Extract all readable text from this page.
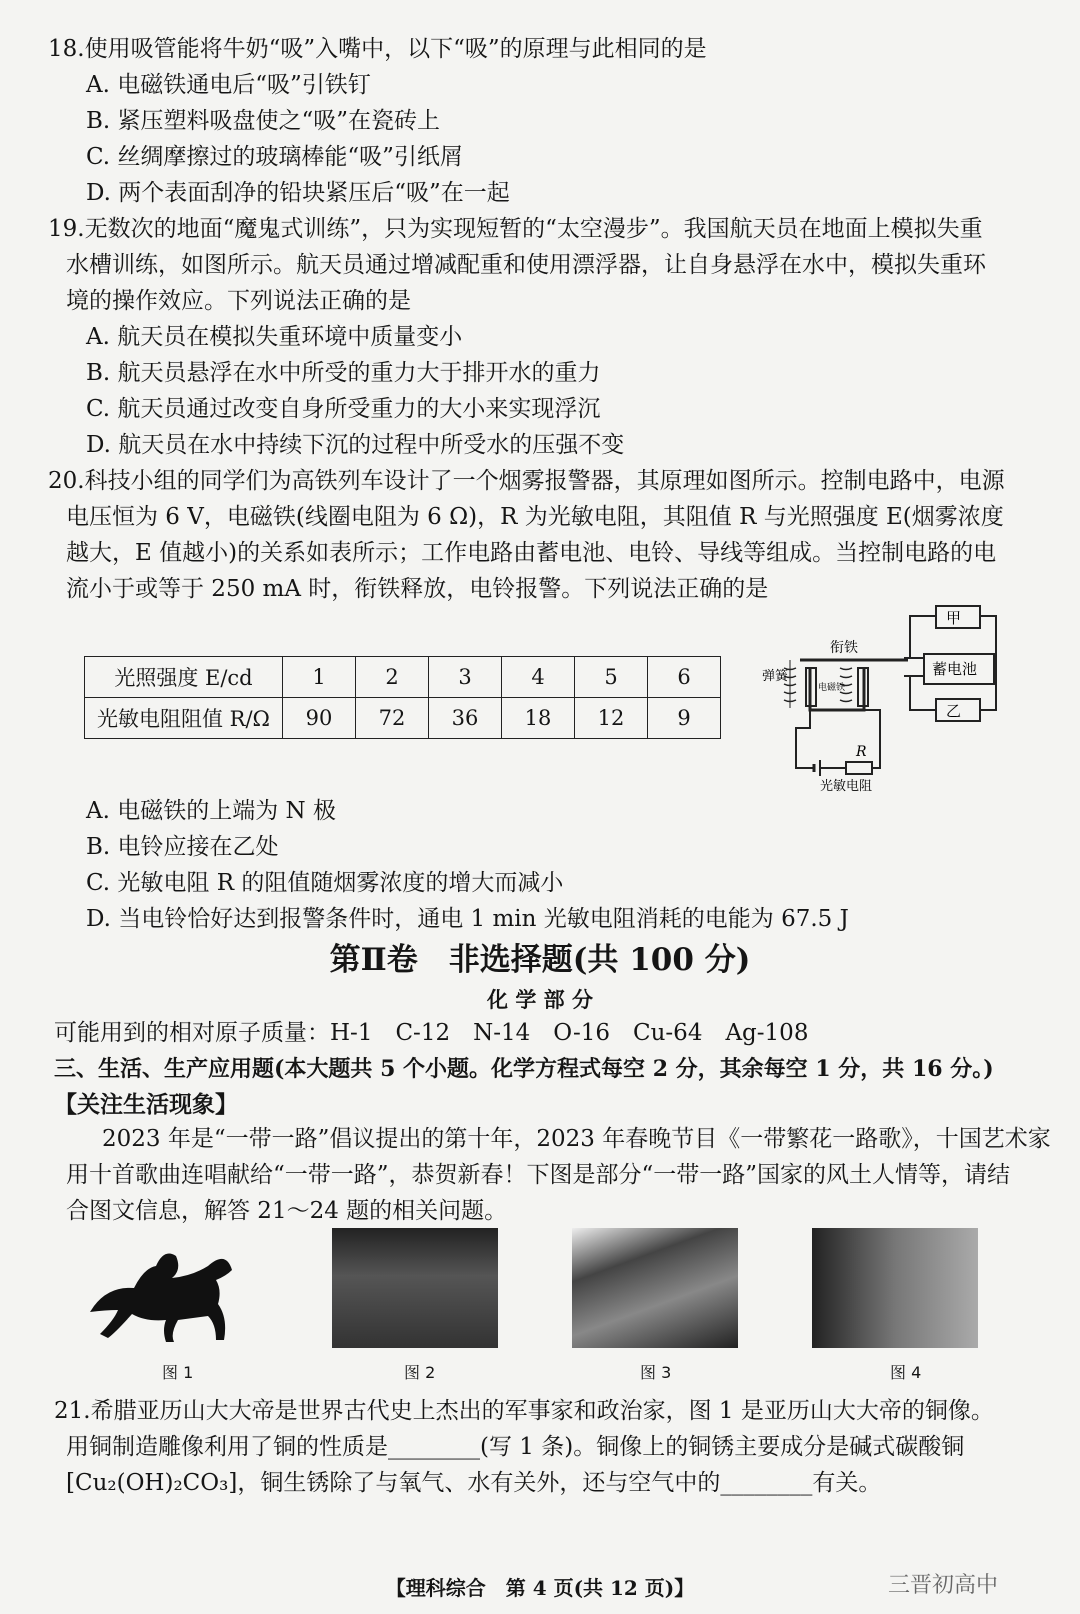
18.使用吸管能将牛奶“吸”入嘴中，以下“吸”的原理与此相同的是
A. 电磁铁通电后“吸”引铁钉
B. 紧压塑料吸盘使之“吸”在瓷砖上
C. 丝绸摩擦过的玻璃棒能“吸”引纸屑
D. 两个表面刮净的铅块紧压后“吸”在一起
19.无数次的地面“魔鬼式训练”，只为实现短暂的“太空漫步”。我国航天员在地面上模拟失重
水槽训练，如图所示。航天员通过增减配重和使用漂浮器，让自身悬浮在水中，模拟失重环
境的操作效应。下列说法正确的是
A. 航天员在模拟失重环境中质量变小
B. 航天员悬浮在水中所受的重力大于排开水的重力
C. 航天员通过改变自身所受重力的大小来实现浮沉
D. 航天员在水中持续下沉的过程中所受水的压强不变
20.科技小组的同学们为高铁列车设计了一个烟雾报警器，其原理如图所示。控制电路中，电源
电压恒为 6 V，电磁铁(线圈电阻为 6 Ω)，R 为光敏电阻，其阻值 R 与光照强度 E(烟雾浓度
越大，E 值越小)的关系如表所示；工作电路由蓄电池、电铃、导线等组成。当控制电路的电
流小于或等于 250 mA 时，衔铁释放，电铃报警。下列说法正确的是
光照强度 E/cd	1	2	3	4	5	6
光敏电阻阻值 R/Ω	90	72	36	18	12	9
甲
乙
蓄电池
衔铁
弹簧
电磁铁
R
光敏电阻
A. 电磁铁的上端为 N 极
B. 电铃应接在乙处
C. 光敏电阻 R 的阻值随烟雾浓度的增大而减小
D. 当电铃恰好达到报警条件时，通电 1 min 光敏电阻消耗的电能为 67.5 J
第Ⅱ卷　非选择题(共 100 分)
化 学 部 分
可能用到的相对原子质量：H-1　C-12　N-14　O-16　Cu-64　Ag-108
三、生活、生产应用题(本大题共 5 个小题。化学方程式每空 2 分，其余每空 1 分，共 16 分。)
【关注生活现象】
2023 年是“一带一路”倡议提出的第十年，2023 年春晚节目《一带繁花一路歌》，十国艺术家
用十首歌曲连唱献给“一带一路”，恭贺新春！下图是部分“一带一路”国家的风土人情等，请结
合图文信息，解答 21～24 题的相关问题。
图 1	图 2	图 3	图 4
21.希腊亚历山大大帝是世界古代史上杰出的军事家和政治家，图 1 是亚历山大大帝的铜像。
用铜制造雕像利用了铜的性质是________(写 1 条)。铜像上的铜锈主要成分是碱式碳酸铜
[Cu₂(OH)₂CO₃]，铜生锈除了与氧气、水有关外，还与空气中的________有关。
【理科综合　第 4 页(共 12 页)】	三晋初高中
